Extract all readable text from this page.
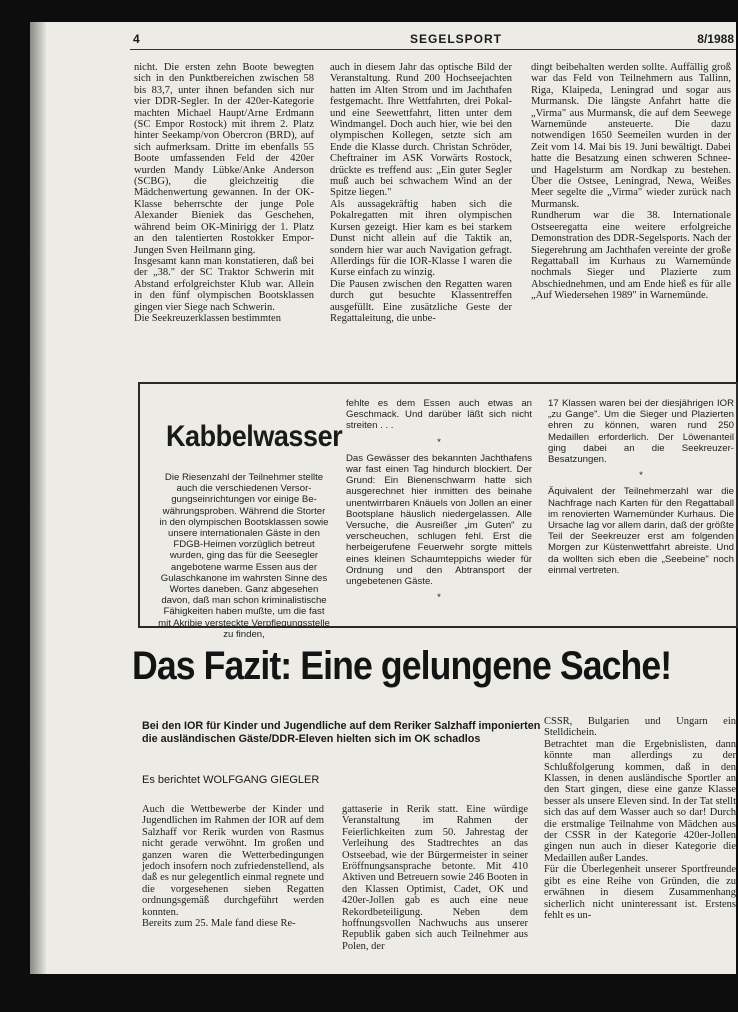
4	SEGELSPORT	8/1988

nicht. Die ersten zehn Boote bewegten sich in den Punktbereichen zwischen 58 bis 83,7, unter ihnen befanden sich nur vier DDR-Segler. In der 420er-Kategorie machten Michael Haupt/Arne Erdmann (SC Empor Rostock) mit ihrem 2. Platz hinter Seekamp/von Obercron (BRD), auf sich aufmerksam. Dritte im ebenfalls 55 Boote umfassenden Feld der 420er wurden Mandy Lübke/Anke Anderson (SCBG), die gleichzeitig die Mädchenwertung gewannen. In der OK-Klasse beherrschte der junge Pole Alexander Bieniek das Geschehen, während beim OK-Minirigg der 1. Platz an den talentierten Rostokker Empor-Jungen Sven Heilmann ging.

Insgesamt kann man konstatieren, daß bei der „38." der SC Traktor Schwerin mit Abstand erfolgreichster Klub war. Allein in den fünf olympischen Bootsklassen gingen vier Siege nach Schwerin.

Die Seekreuzerklassen bestimmten

auch in diesem Jahr das optische Bild der Veranstaltung. Rund 200 Hochseejachten hatten im Alten Strom und im Jachthafen festgemacht. Ihre Wettfahrten, drei Pokal- und eine Seewettfahrt, litten unter dem Windmangel. Doch auch hier, wie bei den olympischen Kollegen, setzte sich am Ende die Klasse durch. Christan Schröder, Cheftrainer im ASK Vorwärts Rostock, drückte es treffend aus: „Ein guter Segler muß auch bei schwachem Wind an der Spitze liegen."

Als aussagekräftig haben sich die Pokalregatten mit ihren olympischen Kursen gezeigt. Hier kam es bei starkem Dunst nicht allein auf die Taktik an, sondern hier war auch Navigation gefragt. Allerdings für die IOR-Klasse I waren die Kurse einfach zu winzig.

Die Pausen zwischen den Regatten waren durch gut besuchte Klassentreffen ausgefüllt. Eine zusätzliche Geste der Regattaleitung, die unbe-

dingt beibehalten werden sollte. Auffällig groß war das Feld von Teilnehmern aus Tallinn, Riga, Klaipeda, Leningrad und sogar aus Murmansk. Die längste Anfahrt hatte die „Virma" aus Murmansk, die auf dem Seewege Warnemünde ansteuerte. Die dazu notwendigen 1650 Seemeilen wurden in der Zeit vom 14. Mai bis 19. Juni bewältigt. Dabei hatte die Besatzung einen schweren Schnee- und Hagelsturm am Nordkap zu bestehen. Über die Ostsee, Leningrad, Newa, Weißes Meer segelte die „Virma" wieder zurück nach Murmansk.

Rundherum war die 38. Internationale Ostseeregatta eine weitere erfolgreiche Demonstration des DDR-Segelsports. Nach der Siegerehrung am Jachthafen vereinte der große Regattaball im Kurhaus zu Warnemünde nochmals Sieger und Plazierte zum Abschiednehmen, und am Ende hieß es für alle „Auf Wiedersehen 1989" in Warnemünde.

Kabbelwasser
Die Riesenzahl der Teilnehmer stellte auch die verschiedenen Versorgungseinrichtungen vor einige Bewährungsproben. Während die Storter in den olympischen Bootsklassen sowie unsere internationalen Gäste in den FDGB-Heimen vorzüglich betreut wurden, ging das für die Seesegler angebotene warme Essen aus der Gulaschkanone im wahrsten Sinne des Wortes daneben. Ganz abgesehen davon, daß man schon kriminalistische Fähigkeiten haben mußte, um die fast mit Akribie versteckte Verpflegungsstelle zu finden,
fehlte es dem Essen auch etwas an Geschmack. Und darüber läßt sich nicht streiten . . .
*
Das Gewässer des bekannten Jachthafens war fast einen Tag hindurch blockiert. Der Grund: Ein Bienenschwarm hatte sich ausgerechnet hier inmitten des beinahe unentwirrbaren Knäuels von Jollen an einer Bootsplane häuslich niedergelassen. Alle Versuche, die Ausreißer „im Guten" zu verscheuchen, schlugen fehl. Erst die herbeigerufene Feuerwehr sorgte mittels eines kleinen Schaumteppichs wieder für Ordnung und den Abtransport der ungebetenen Gäste.
*
17 Klassen waren bei der diesjährigen IOR „zu Gange". Um die Sieger und Plazierten ehren zu können, waren rund 250 Medaillen erforderlich. Der Löwenanteil ging dabei an die Seekreuzer-Besatzungen.
*
Äquivalent der Teilnehmerzahl war die Nachfrage nach Karten für den Regattaball im renovierten Warnemünder Kurhaus. Die Ursache lag vor allem darin, daß der größte Teil der Seekreuzer erst am folgenden Morgen zur Küstenwettfahrt abreiste. Und da wollten sich eben die „Seebeine" noch einmal vertreten.
Das Fazit: Eine gelungene Sache!
Bei den IOR für Kinder und Jugendliche auf dem Reriker Salzhaff imponierten die ausländischen Gäste/DDR-Eleven hielten sich im OK schadlos
Es berichtet WOLFGANG GIEGLER

Auch die Wettbewerbe der Kinder und Jugendlichen im Rahmen der IOR auf dem Salzhaff vor Rerik wurden von Rasmus nicht gerade verwöhnt. Im großen und ganzen waren die Wetterbedingungen jedoch insofern noch zufriedenstellend, als daß es nur gelegentlich einmal regnete und die vorgesehenen sieben Regatten ordnungsgemäß durchgeführt werden konnten.

Bereits zum 25. Male fand diese Re-

gattaserie in Rerik statt. Eine würdige Veranstaltung im Rahmen der Feierlichkeiten zum 50. Jahrestag der Verleihung des Stadtrechtes an das Ostseebad, wie der Bürgermeister in seiner Eröffnungsansprache betonte. Mit 410 Aktiven und Betreuern sowie 246 Booten in den Klassen Optimist, Cadet, OK und 420er-Jollen gab es auch eine neue Rekordbeteiligung. Neben dem hoffnungsvollen Nachwuchs aus unserer Republik gaben sich auch Teilnehmer aus Polen, der

CSSR, Bulgarien und Ungarn ein Stelldichein.

Betrachtet man die Ergebnislisten, dann könnte man allerdings zu der Schlußfolgerung kommen, daß in den Klassen, in denen ausländische Sportler an den Start gingen, diese eine ganze Klasse besser als unsere Eleven sind. In der Tat stellt sich das auf dem Wasser auch so dar! Durch die erstmalige Teilnahme von Mädchen aus der CSSR in der Kategorie 420er-Jollen gingen nun auch in dieser Kategorie die Medaillen außer Landes.

Für die Überlegenheit unserer Sportfreunde gibt es eine Reihe von Gründen, die zu erwähnen in diesem Zusammenhang sicherlich nicht uninteressant ist. Erstens fehlt es un-
